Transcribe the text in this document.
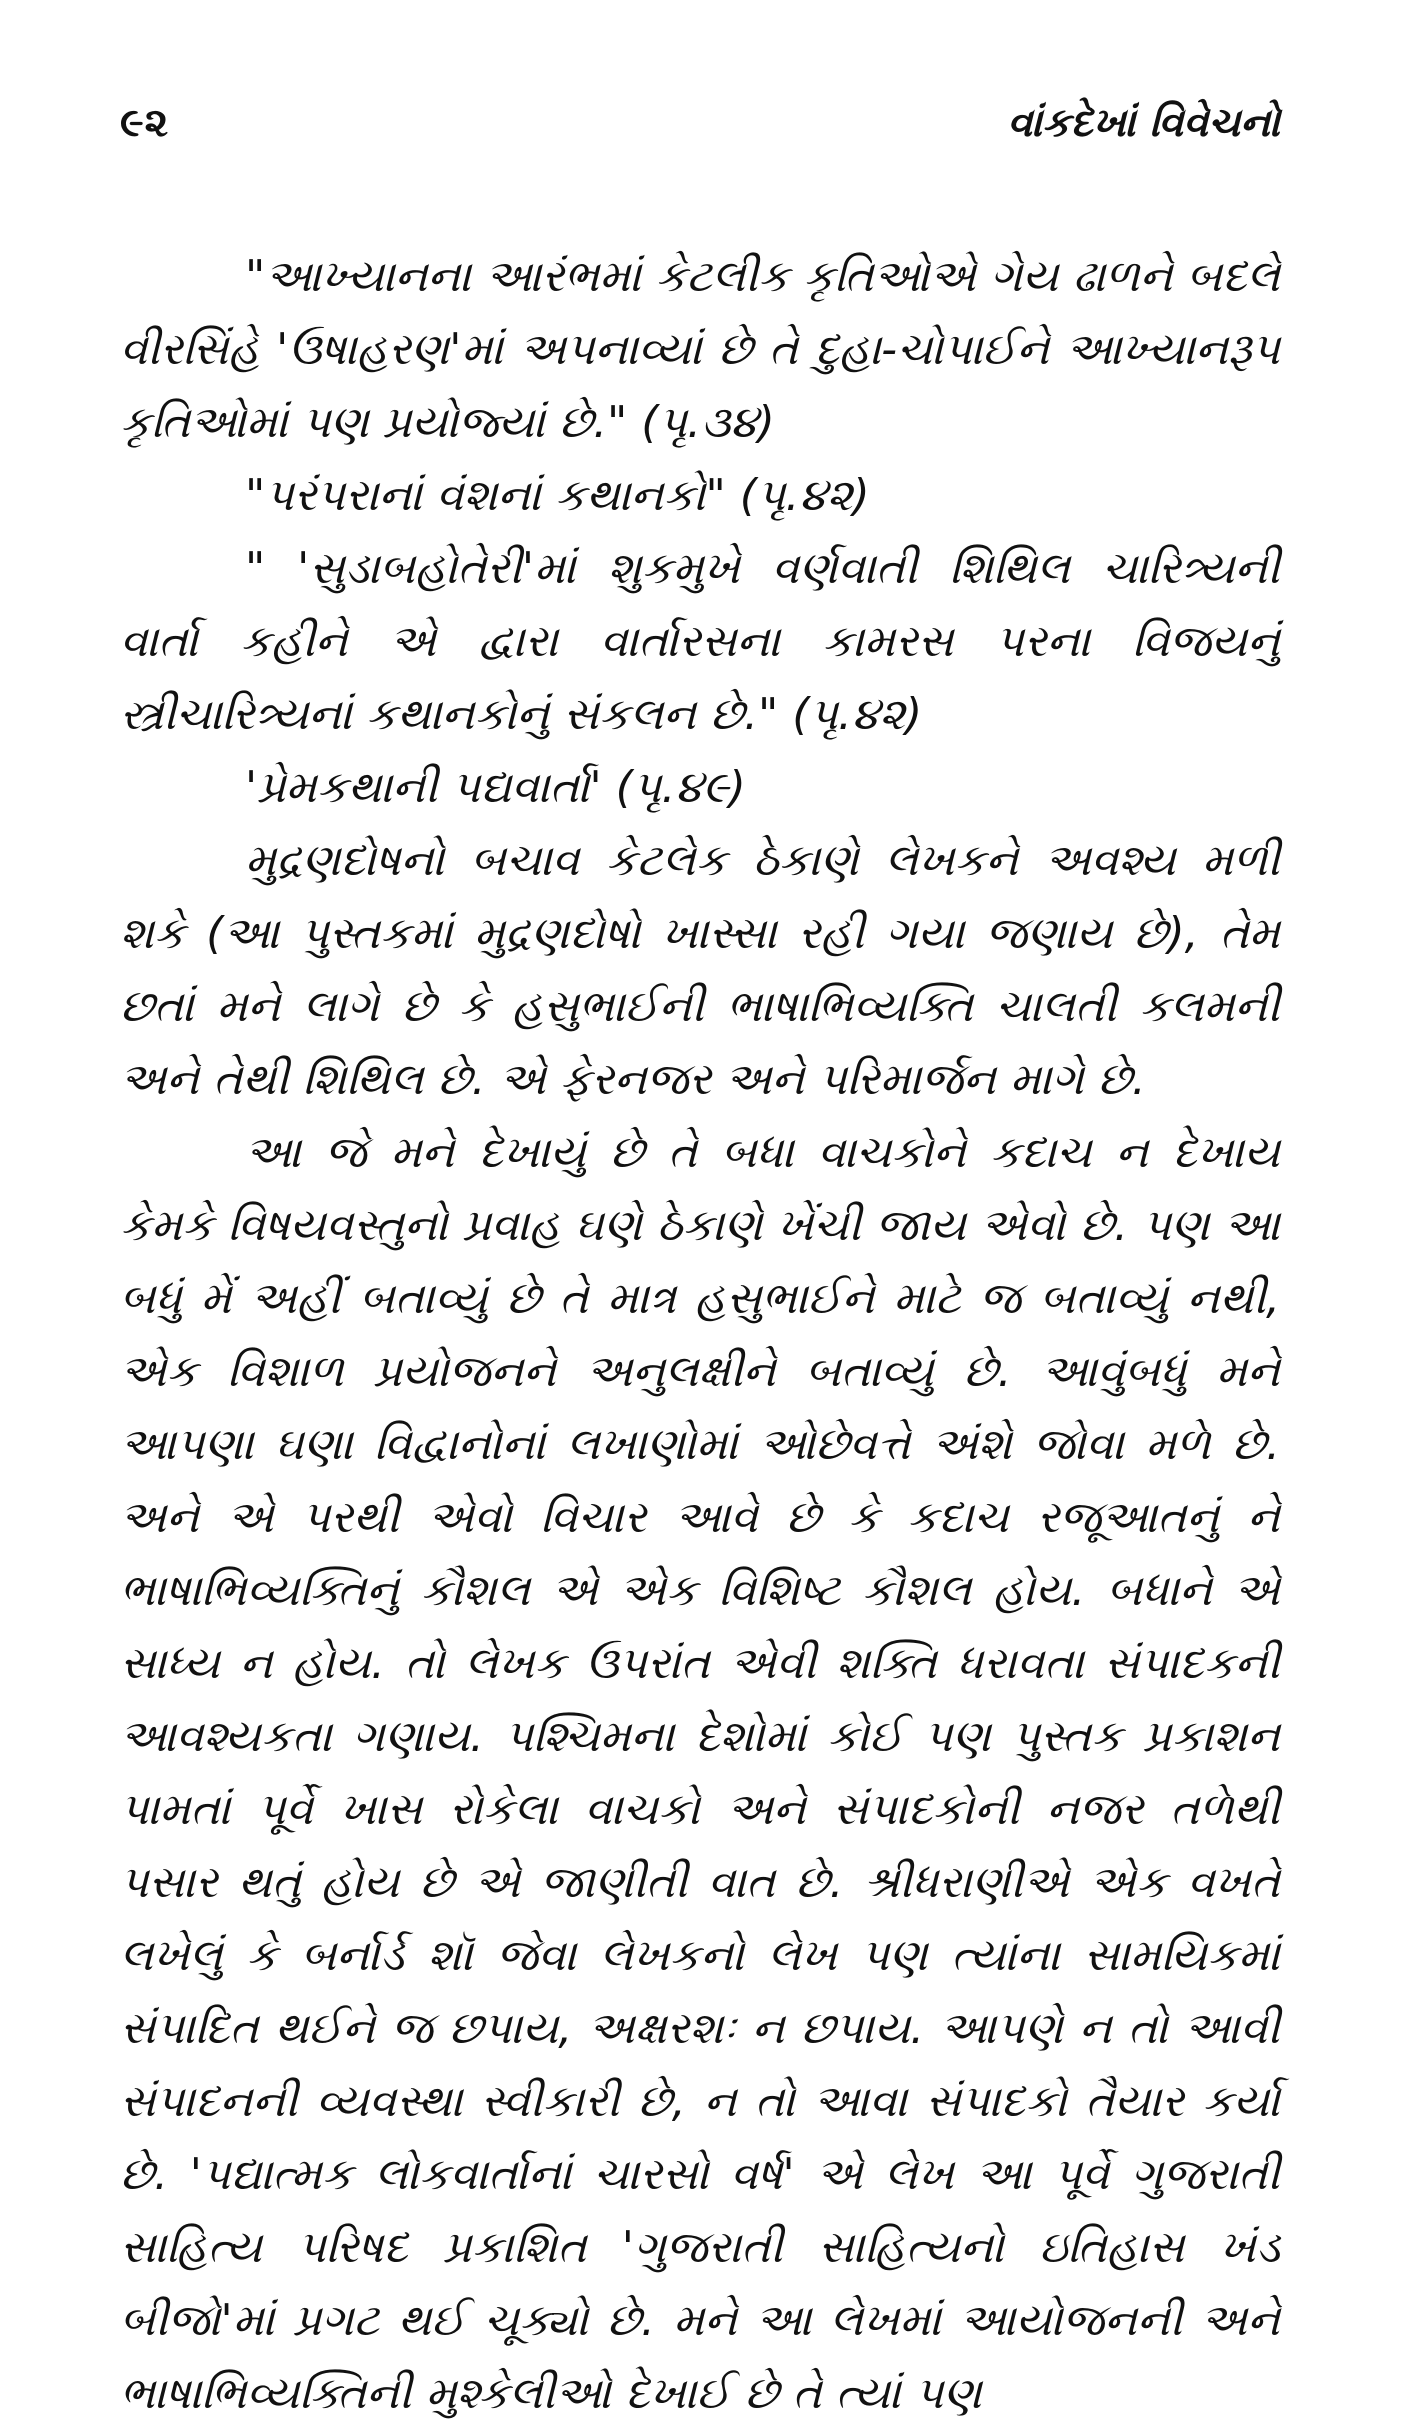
૯૨	વાંકદેખાં વિવેચનો

"આખ્યાનના આરંભમાં કેટલીક કૃતિઓએ ગેય ઢાળને બદલે વીરસિંહે 'ઉષાહરણ'માં અપનાવ્યાં છે તે દુહા-ચોપાઈને આખ્યાનરૂપ કૃતિઓમાં પણ પ્રયોજ્યાં છે." (પૃ.૩૪)

"પરંપરાનાં વંશનાં કથાનકો" (પૃ.૪૨)

" 'સુડાબહોતેરી'માં શુકમુખે વર્ણવાતી શિથિલ ચારિત્ર્યની વાર્તા કહીને એ દ્વારા વાર્તારસના કામરસ પરના વિજયનું સ્ત્રીચારિત્ર્યનાં કથાનકોનું સંકલન છે." (પૃ.૪૨)

'પ્રેમકથાની પદ્યવાર્તા' (પૃ.૪૯)

મુદ્રણદોષનો બચાવ કેટલેક ઠેકાણે લેખકને અવશ્ય મળી શકે (આ પુસ્તકમાં મુદ્રણદોષો ખાસ્સા રહી ગયા જણાય છે), તેમ છતાં મને લાગે છે કે હસુભાઈની ભાષાભિવ્યક્તિ ચાલતી કલમની અને તેથી શિથિલ છે. એ ફેરનજર અને પરિમાર્જન માગે છે.

આ જે મને દેખાયું છે તે બધા વાચકોને કદાચ ન દેખાય કેમકે વિષયવસ્તુનો પ્રવાહ ઘણે ઠેકાણે ખેંચી જાય એવો છે. પણ આ બધું મેં અહીં બતાવ્યું છે તે માત્ર હસુભાઈને માટે જ બતાવ્યું નથી, એક વિશાળ પ્રયોજનને અનુલક્ષીને બતાવ્યું છે. આવુંબધું મને આપણા ઘણા વિદ્વાનોનાં લખાણોમાં ઓછેવત્તે અંશે જોવા મળે છે. અને એ પરથી એવો વિચાર આવે છે કે કદાચ રજૂઆતનું ને ભાષાભિવ્યક્તિનું કૌશલ એ એક વિશિષ્ટ કૌશલ હોય. બધાને એ સાધ્ય ન હોય. તો લેખક ઉપરાંત એવી શક્તિ ધરાવતા સંપાદકની આવશ્યકતા ગણાય. પશ્ચિમના દેશોમાં કોઈ પણ પુસ્તક પ્રકાશન પામતાં પૂર્વે ખાસ રોકેલા વાચકો અને સંપાદકોની નજર તળેથી પસાર થતું હોય છે એ જાણીતી વાત છે. શ્રીધરાણીએ એક વખતે લખેલું કે બર્નાર્ડ શૉ જેવા લેખકનો લેખ પણ ત્યાંના સામયિકમાં સંપાદિત થઈને જ છપાય, અક્ષરશઃ ન છપાય. આપણે ન તો આવી સંપાદનની વ્યવસ્થા સ્વીકારી છે, ન તો આવા સંપાદકો તૈયાર કર્યા છે. 'પદ્યાત્મક લોકવાર્તાનાં ચારસો વર્ષ' એ લેખ આ પૂર્વે ગુજરાતી સાહિત્ય પરિષદ પ્રકાશિત 'ગુજરાતી સાહિત્યનો ઇતિહાસ ખંડ બીજો'માં પ્રગટ થઈ ચૂક્યો છે. મને આ લેખમાં આયોજનની અને ભાષાભિવ્યક્તિની મુશ્કેલીઓ દેખાઈ છે તે ત્યાં પણ
